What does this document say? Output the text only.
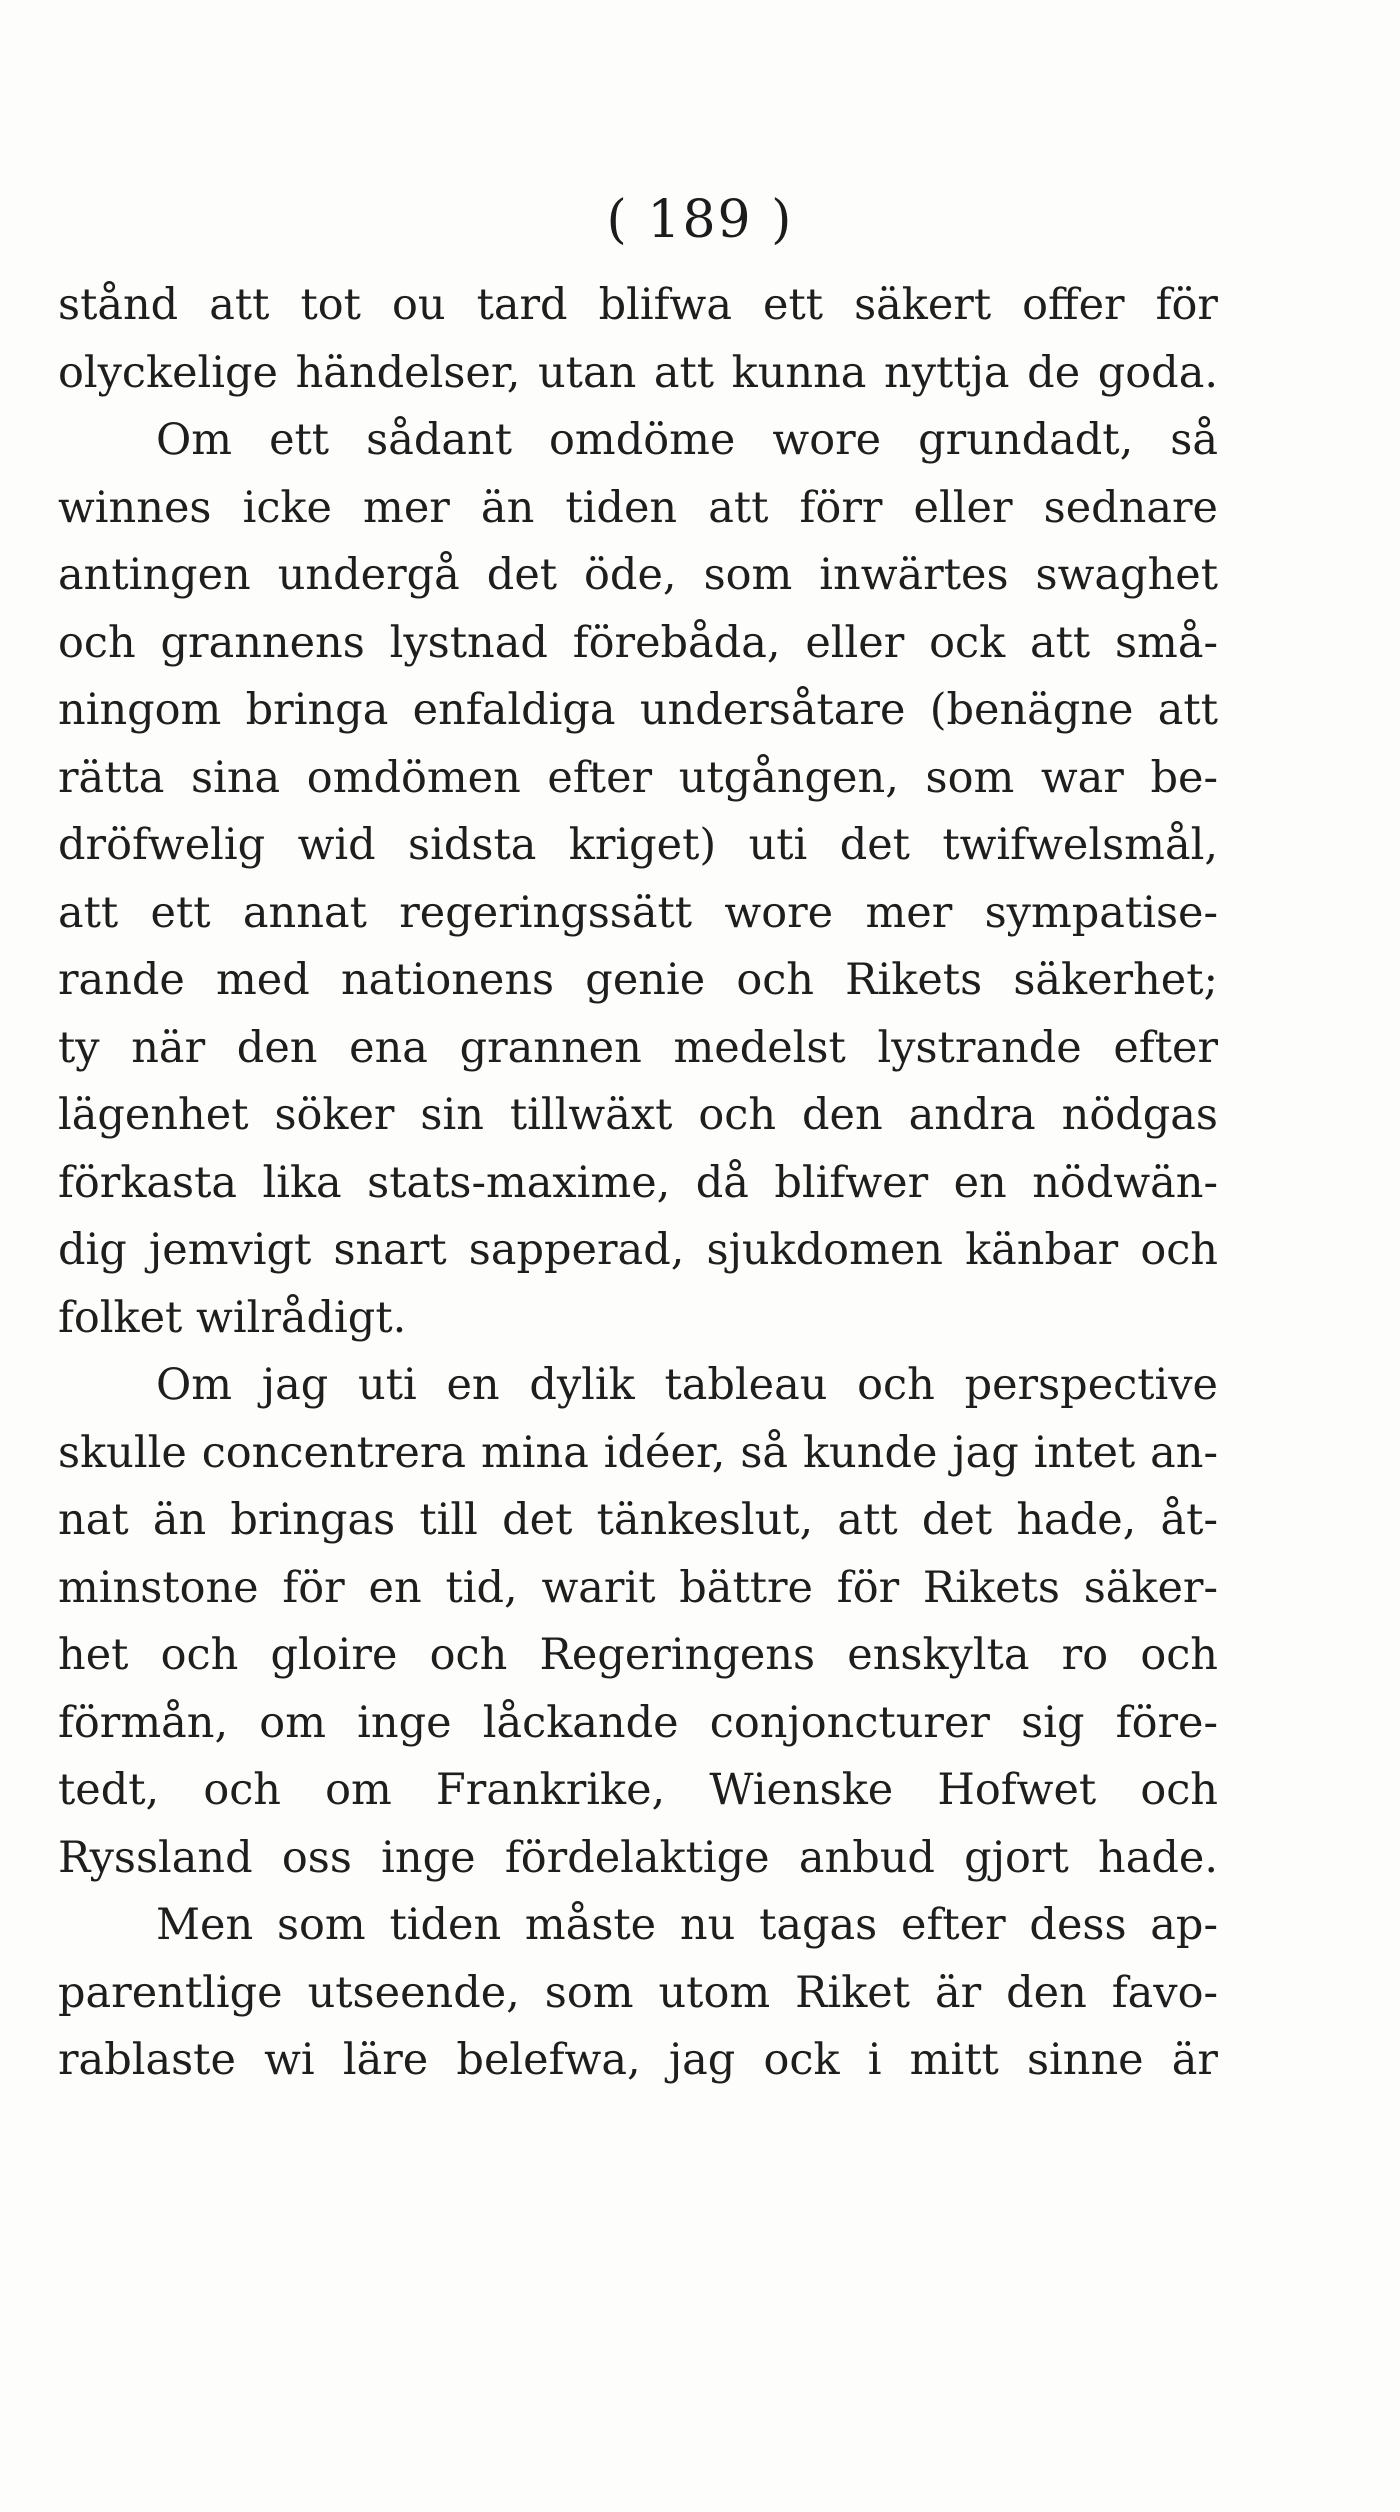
( 189 )
stånd att tot ou tard blifwa ett säkert offer för
olyckelige händelser, utan att kunna nyttja de goda.
Om ett sådant omdöme wore grundadt, så
winnes icke mer än tiden att förr eller sednare
antingen undergå det öde, som inwärtes swaghet
och grannens lystnad förebåda, eller ock att små-
ningom bringa enfaldiga undersåtare (benägne att
rätta sina omdömen efter utgången, som war be-
dröfwelig wid sidsta kriget) uti det twifwelsmål,
att ett annat regeringssätt wore mer sympatise-
rande med nationens genie och Rikets säkerhet;
ty när den ena grannen medelst lystrande efter
lägenhet söker sin tillwäxt och den andra nödgas
förkasta lika stats-maxime, då blifwer en nödwän-
dig jemvigt snart sapperad, sjukdomen känbar och
folket wilrådigt.
Om jag uti en dylik tableau och perspective
skulle concentrera mina idéer, så kunde jag intet an-
nat än bringas till det tänkeslut, att det hade, åt-
minstone för en tid, warit bättre för Rikets säker-
het och gloire och Regeringens enskylta ro och
förmån, om inge låckande conjoncturer sig före-
tedt, och om Frankrike, Wienske Hofwet och
Ryssland oss inge fördelaktige anbud gjort hade.
Men som tiden måste nu tagas efter dess ap-
parentlige utseende, som utom Riket är den favo-
rablaste wi läre belefwa, jag ock i mitt sinne är
